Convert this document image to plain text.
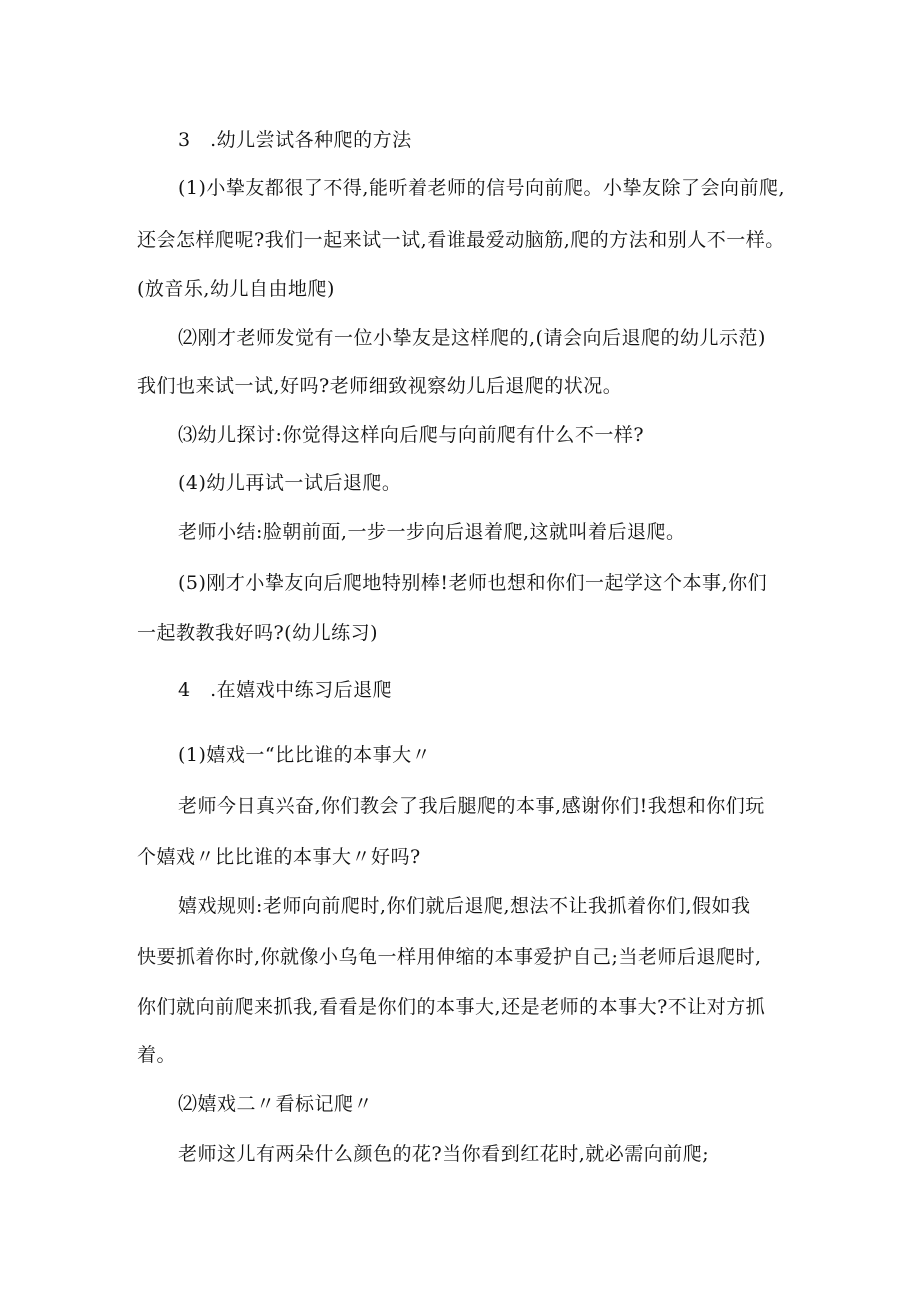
3　.幼儿尝试各种爬的方法
(1)小挚友都很了不得,能听着老师的信号向前爬。小挚友除了会向前爬,
还会怎样爬呢?我们一起来试一试,看谁最爱动脑筋,爬的方法和别人不一样。
(放音乐,幼儿自由地爬)
⑵刚才老师发觉有一位小挚友是这样爬的,(请会向后退爬的幼儿示范)
我们也来试一试,好吗?老师细致视察幼儿后退爬的状况。
⑶幼儿探讨:你觉得这样向后爬与向前爬有什么不一样?
(4)幼儿再试一试后退爬。
老师小结:脸朝前面,一步一步向后退着爬,这就叫着后退爬。
(5)刚才小挚友向后爬地特别棒!老师也想和你们一起学这个本事,你们
一起教教我好吗?(幼儿练习)
4　.在嬉戏中练习后退爬
(1)嬉戏一“比比谁的本事大〃
老师今日真兴奋,你们教会了我后腿爬的本事,感谢你们!我想和你们玩
个嬉戏〃比比谁的本事大〃好吗?
嬉戏规则:老师向前爬时,你们就后退爬,想法不让我抓着你们,假如我
快要抓着你时,你就像小乌龟一样用伸缩的本事爱护自己;当老师后退爬时,
你们就向前爬来抓我,看看是你们的本事大,还是老师的本事大?不让对方抓
着。
⑵嬉戏二〃看标记爬〃
老师这儿有两朵什么颜色的花?当你看到红花时,就必需向前爬;
